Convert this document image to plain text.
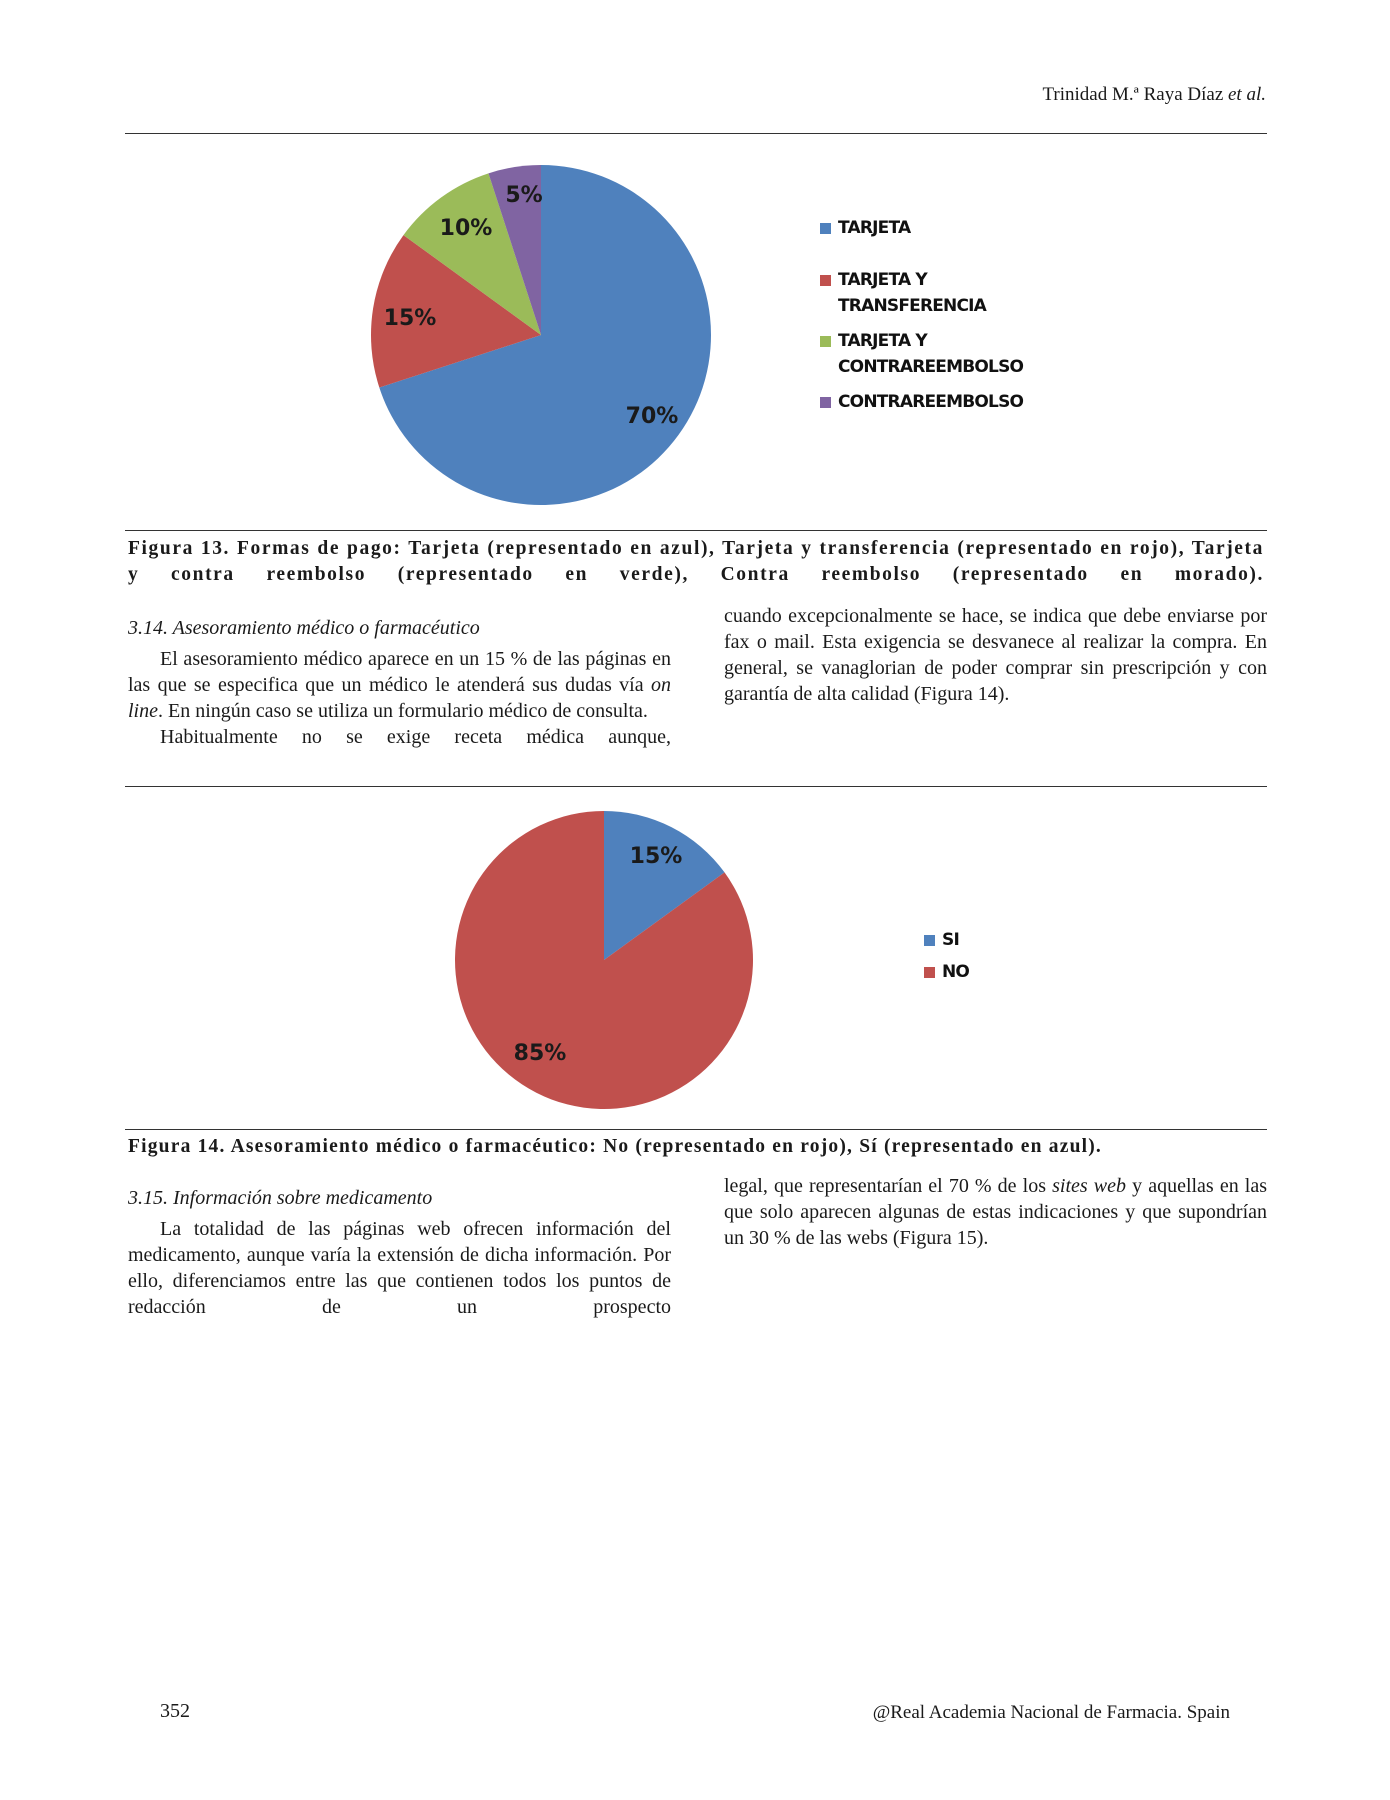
Trinidad M.ª Raya Díaz et al.
70%
15%
10%
5%
TARJETA
TARJETA Y TRANSFERENCIA
TARJETA Y CONTRAREEMBOLSO
CONTRAREEMBOLSO
Figura 13. Formas de pago: Tarjeta (representado en azul), Tarjeta y transferencia (representado en rojo), Tarjeta y contra reembolso (representado en verde), Contra reembolso (representado en morado).

3.14. Asesoramiento médico o farmacéutico

El asesoramiento médico aparece en un 15 % de las páginas en las que se especifica que un médico le atenderá sus dudas vía on line. En ningún caso se utiliza un formulario médico de consulta.

Habitualmente no se exige receta médica aunque,

cuando excepcionalmente se hace, se indica que debe enviarse por fax o mail. Esta exigencia se desvanece al realizar la compra. En general, se vanaglorian de poder comprar sin prescripción y con garantía de alta calidad (Figura 14).

15%
85%
SI
NO
Figura 14. Asesoramiento médico o farmacéutico: No (representado en rojo), Sí (representado en azul).

3.15. Información sobre medicamento

La totalidad de las páginas web ofrecen información del medicamento, aunque varía la extensión de dicha información. Por ello, diferenciamos entre las que contienen todos los puntos de redacción de un prospecto

legal, que representarían el 70 % de los sites web y aquellas en las que solo aparecen algunas de estas indicaciones y que supondrían un 30 % de las webs (Figura 15).

352	@Real Academia Nacional de Farmacia. Spain
